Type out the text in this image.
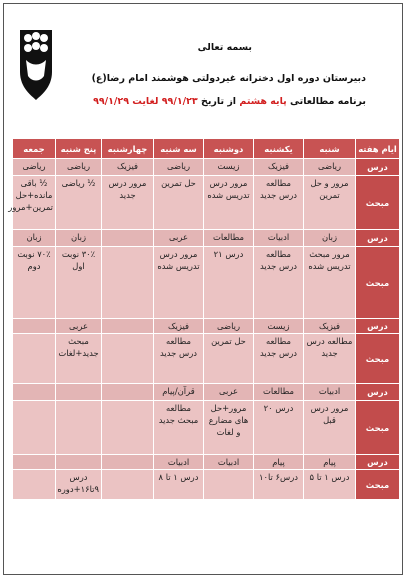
بسمه تعالی
دبیرستان دوره اول دخترانه غیردولتی هوشمند امام رضا(ع)
برنامه مطالعاتی پایه هشتم از تاریخ ۹۹/۱/۲۳ لغایت ۹۹/۱/۲۹
ایام هفته	شنبه	یکشنبه	دوشنبه	سه شنبه	چهارشنبه	پنج شنبه	جمعه
درس	ریاضی	فیزیک	زیست	ریاضی	فیزیک	ریاضی	ریاضی
مبحث	مرور و حل تمرین	مطالعه درس جدید	مرور درس تدریس شده	حل تمرین	مرور درس جدید	½ ریاضی	½ باقی مانده+حل تمرین+مرور
درس	زبان	ادبیات	مطالعات	عربی		زبان	زبان
مبحث	مرور مبحث تدریس شده	مطالعه درس جدید	درس ۲۱	مرور درس تدریس شده		۳۰٪ نوبت اول	۷۰٪ نوبت دوم
درس	فیزیک	زیست	ریاضی	فیزیک		عربی	
مبحث	مطالعه درس جدید	مطالعه درس جدید	حل تمرین	مطالعه درس جدید		مبحث جدید+لغات	
درس	ادبیات	مطالعات	عربی	قرآن/پیام			
مبحث	مرور درس قبل	درس ۲۰	مرور+حل های مضارع و لغات	مطالعه مبحث جدید			
درس	پیام	پیام	ادبیات	ادبیات			
مبحث	درس ۱ تا ۵	درس۶ تا۱۰		درس ۱ تا ۸		درس ۹تا۱۶+دوره	
